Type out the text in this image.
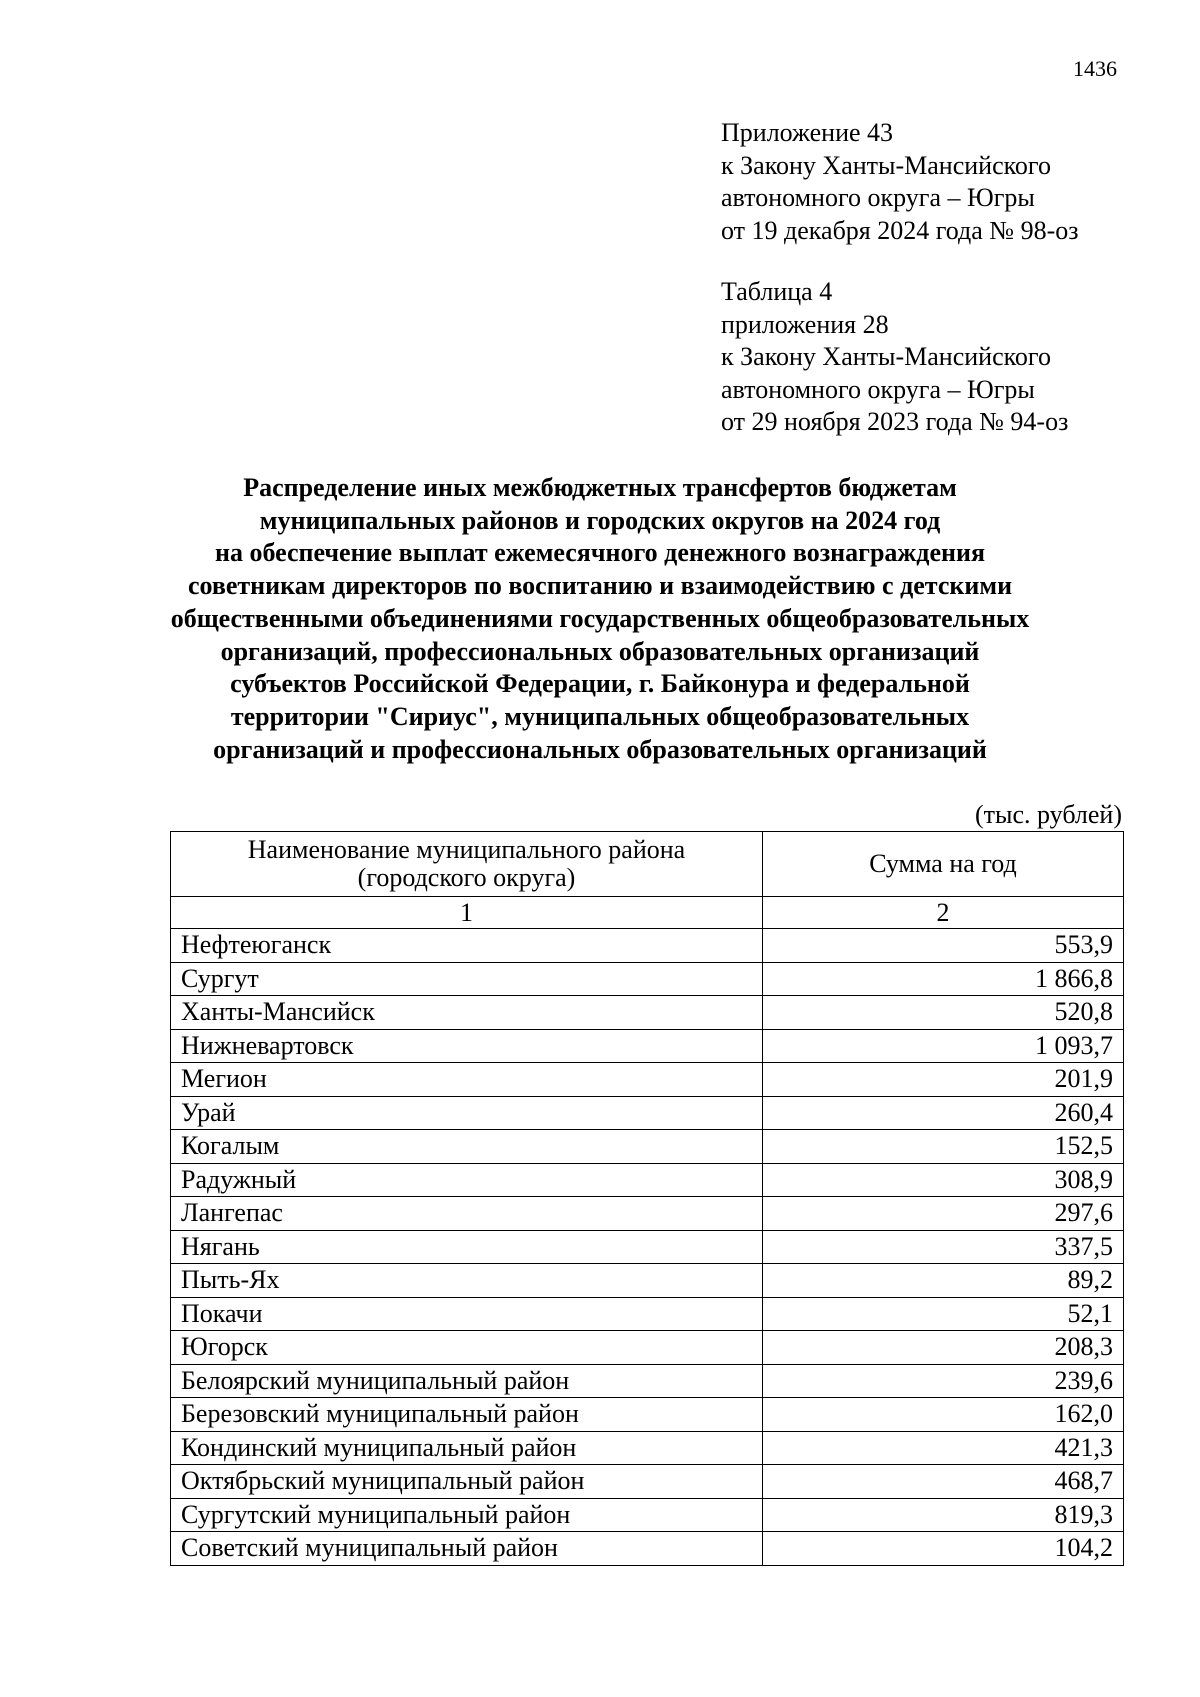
1436
Приложение 43
к Закону Ханты-Мансийского
автономного округа – Югры
от 19 декабря 2024 года № 98-оз
Таблица 4
приложения 28
к Закону Ханты-Мансийского
автономного округа – Югры
от 29 ноября 2023 года № 94-оз
Распределение иных межбюджетных трансфертов бюджетам
муниципальных районов и городских округов на 2024 год
на обеспечение выплат ежемесячного денежного вознаграждения
советникам директоров по воспитанию и взаимодействию с детскими
общественными объединениями государственных общеобразовательных
организаций, профессиональных образовательных организаций
субъектов Российской Федерации, г. Байконура и федеральной
территории "Сириус", муниципальных общеобразовательных
организаций и профессиональных образовательных организаций
(тыс. рублей)
Наименование муниципального района
(городского округа)	Сумма на год
1	2
Нефтеюганск	553,9
Сургут	1 866,8
Ханты-Мансийск	520,8
Нижневартовск	1 093,7
Мегион	201,9
Урай	260,4
Когалым	152,5
Радужный	308,9
Лангепас	297,6
Нягань	337,5
Пыть-Ях	89,2
Покачи	52,1
Югорск	208,3
Белоярский муниципальный район	239,6
Березовский муниципальный район	162,0
Кондинский муниципальный район	421,3
Октябрьский муниципальный район	468,7
Сургутский муниципальный район	819,3
Советский муниципальный район	104,2
